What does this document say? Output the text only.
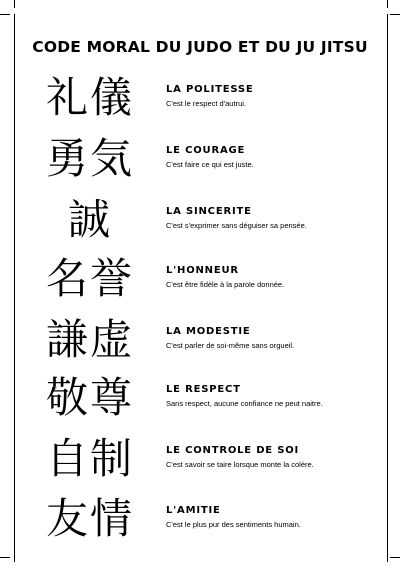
CODE MORAL DU JUDO ET DU JU JITSU
礼儀	LA POLITESSE
C'est le respect d'autrui.
勇気	LE COURAGE
C'est faire ce qui est juste.
誠	LA SINCERITE
C'est s'exprimer sans déguiser sa pensée.
名誉	L'HONNEUR
C'est être fidèle à la parole donnée.
謙虚	LA MODESTIE
C'est parler de soi-même sans orgueil.
敬尊	LE RESPECT
Sans respect, aucune confiance ne peut naitre.
自制	LE CONTROLE DE SOI
C'est savoir se taire lorsque monte la colère.
友情	L'AMITIE
C'est le plus pur des sentiments humain.
